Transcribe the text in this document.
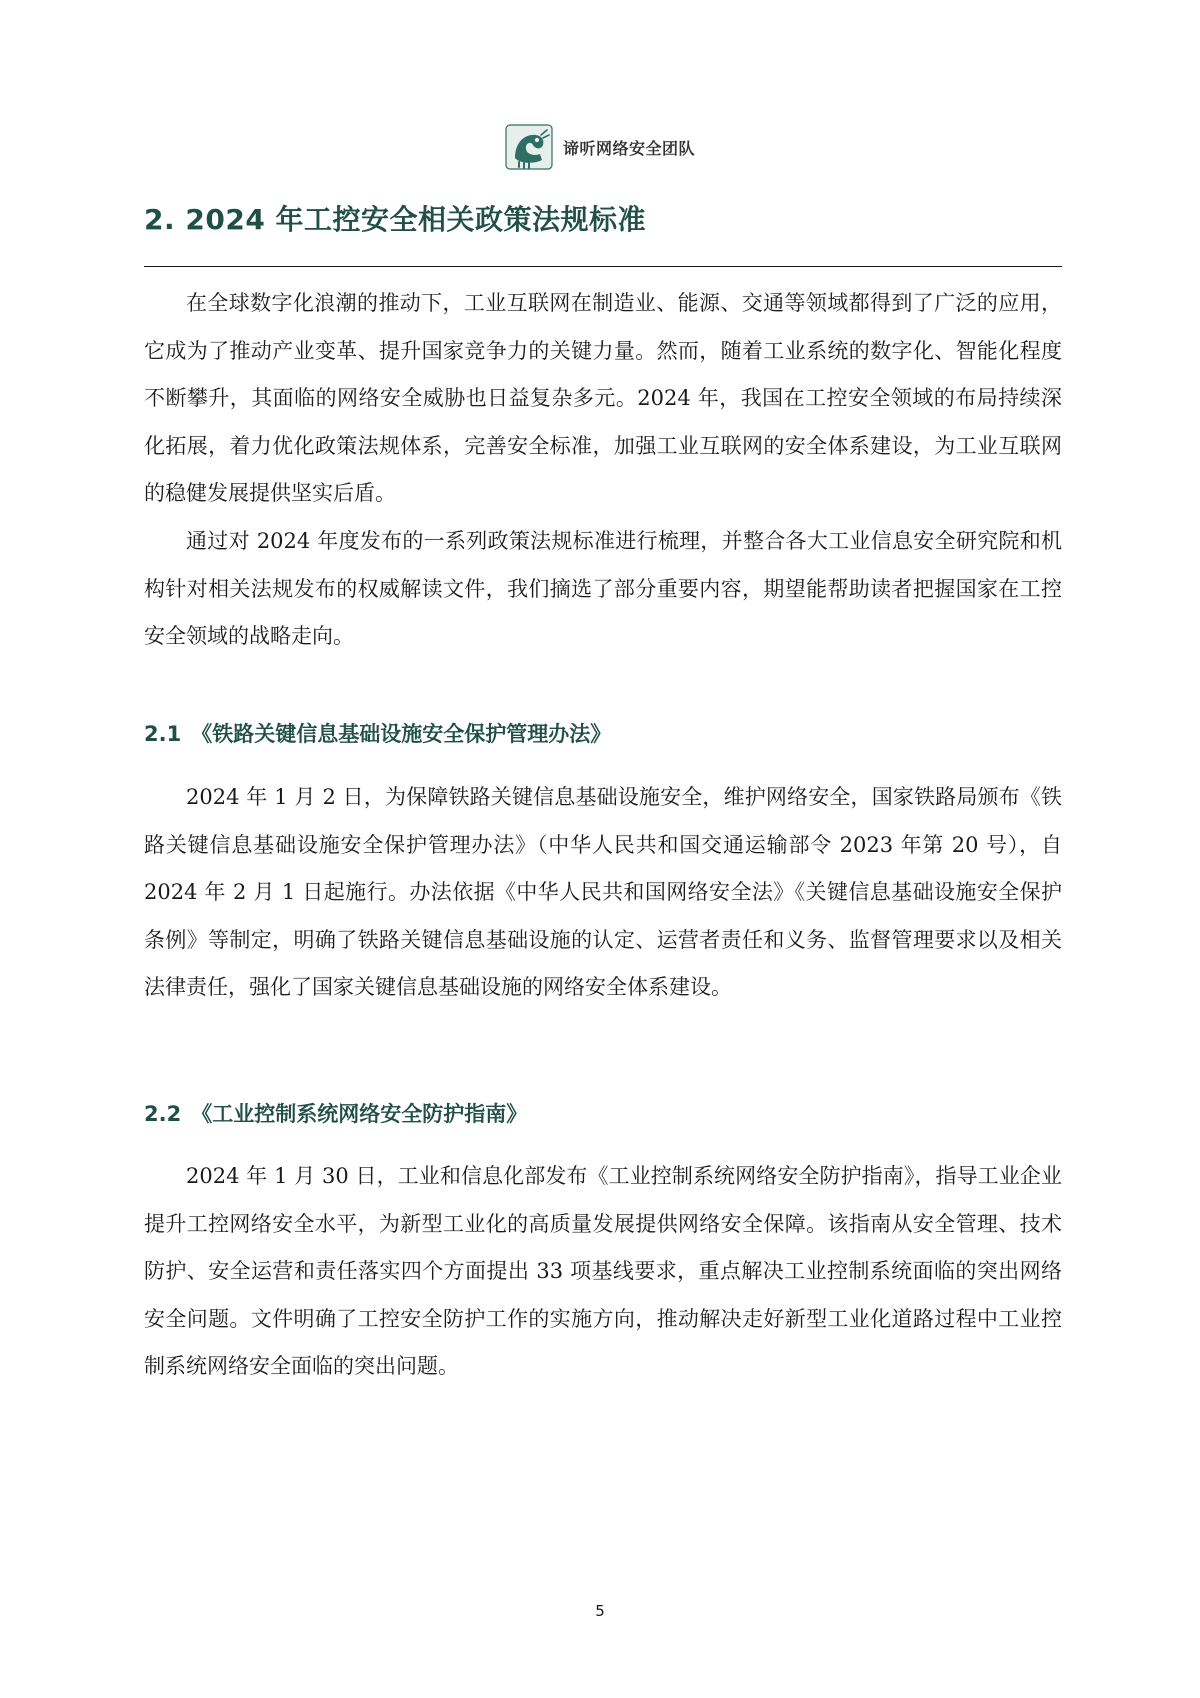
谛听网络安全团队
2. 2024 年工控安全相关政策法规标准

在全球数字化浪潮的推动下，工业互联网在制造业、能源、交通等领域都得到了广泛的应用，它成为了推动产业变革、提升国家竞争力的关键力量。然而，随着工业系统的数字化、智能化程度不断攀升，其面临的网络安全威胁也日益复杂多元。2024 年，我国在工控安全领域的布局持续深化拓展，着力优化政策法规体系，完善安全标准，加强工业互联网的安全体系建设，为工业互联网的稳健发展提供坚实后盾。

通过对 2024 年度发布的一系列政策法规标准进行梳理，并整合各大工业信息安全研究院和机构针对相关法规发布的权威解读文件，我们摘选了部分重要内容，期望能帮助读者把握国家在工控安全领域的战略走向。

2.1 《铁路关键信息基础设施安全保护管理办法》

2024 年 1 月 2 日，为保障铁路关键信息基础设施安全，维护网络安全，国家铁路局颁布《铁路关键信息基础设施安全保护管理办法》（中华人民共和国交通运输部令 2023 年第 20 号），自 2024 年 2 月 1 日起施行。办法依据《中华人民共和国网络安全法》《关键信息基础设施安全保护条例》等制定，明确了铁路关键信息基础设施的认定、运营者责任和义务、监督管理要求以及相关法律责任，强化了国家关键信息基础设施的网络安全体系建设。

2.2 《工业控制系统网络安全防护指南》

2024 年 1 月 30 日，工业和信息化部发布《工业控制系统网络安全防护指南》，指导工业企业提升工控网络安全水平，为新型工业化的高质量发展提供网络安全保障。该指南从安全管理、技术防护、安全运营和责任落实四个方面提出 33 项基线要求，重点解决工业控制系统面临的突出网络安全问题。文件明确了工控安全防护工作的实施方向，推动解决走好新型工业化道路过程中工业控制系统网络安全面临的突出问题。

5
